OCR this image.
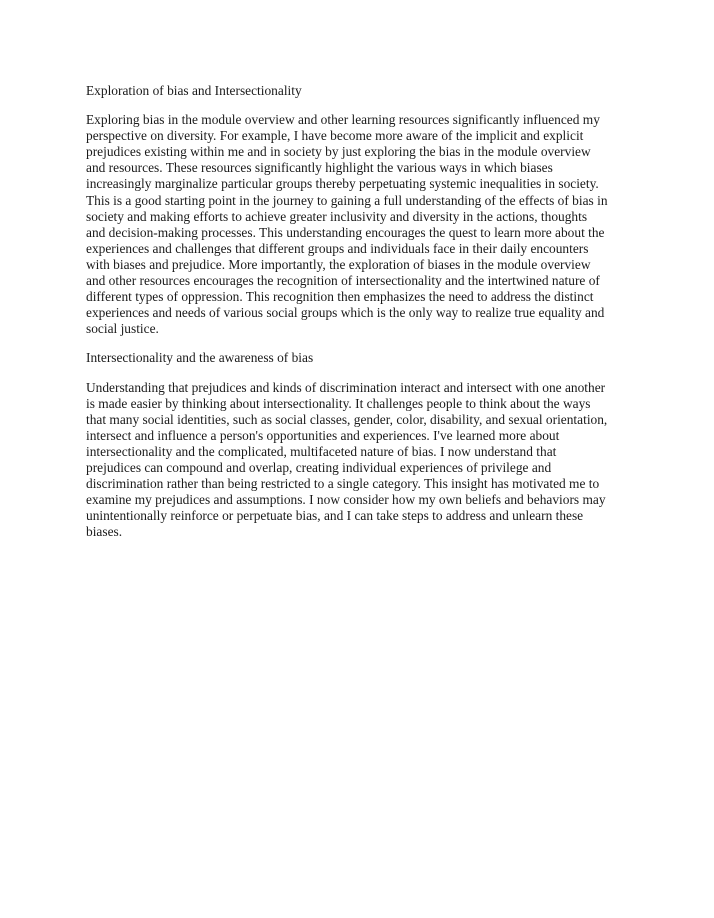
Exploration of bias and Intersectionality

Exploring bias in the module overview and other learning resources significantly influenced my
perspective on diversity. For example, I have become more aware of the implicit and explicit
prejudices existing within me and in society by just exploring the bias in the module overview
and resources. These resources significantly highlight the various ways in which biases
increasingly marginalize particular groups thereby perpetuating systemic inequalities in society.
This is a good starting point in the journey to gaining a full understanding of the effects of bias in
society and making efforts to achieve greater inclusivity and diversity in the actions, thoughts
and decision-making processes. This understanding encourages the quest to learn more about the
experiences and challenges that different groups and individuals face in their daily encounters
with biases and prejudice. More importantly, the exploration of biases in the module overview
and other resources encourages the recognition of intersectionality and the intertwined nature of
different types of oppression. This recognition then emphasizes the need to address the distinct
experiences and needs of various social groups which is the only way to realize true equality and
social justice.

Intersectionality and the awareness of bias

Understanding that prejudices and kinds of discrimination interact and intersect with one another
is made easier by thinking about intersectionality. It challenges people to think about the ways
that many social identities, such as social classes, gender, color, disability, and sexual orientation,
intersect and influence a person's opportunities and experiences. I've learned more about
intersectionality and the complicated, multifaceted nature of bias. I now understand that
prejudices can compound and overlap, creating individual experiences of privilege and
discrimination rather than being restricted to a single category. This insight has motivated me to
examine my prejudices and assumptions. I now consider how my own beliefs and behaviors may
unintentionally reinforce or perpetuate bias, and I can take steps to address and unlearn these
biases.
